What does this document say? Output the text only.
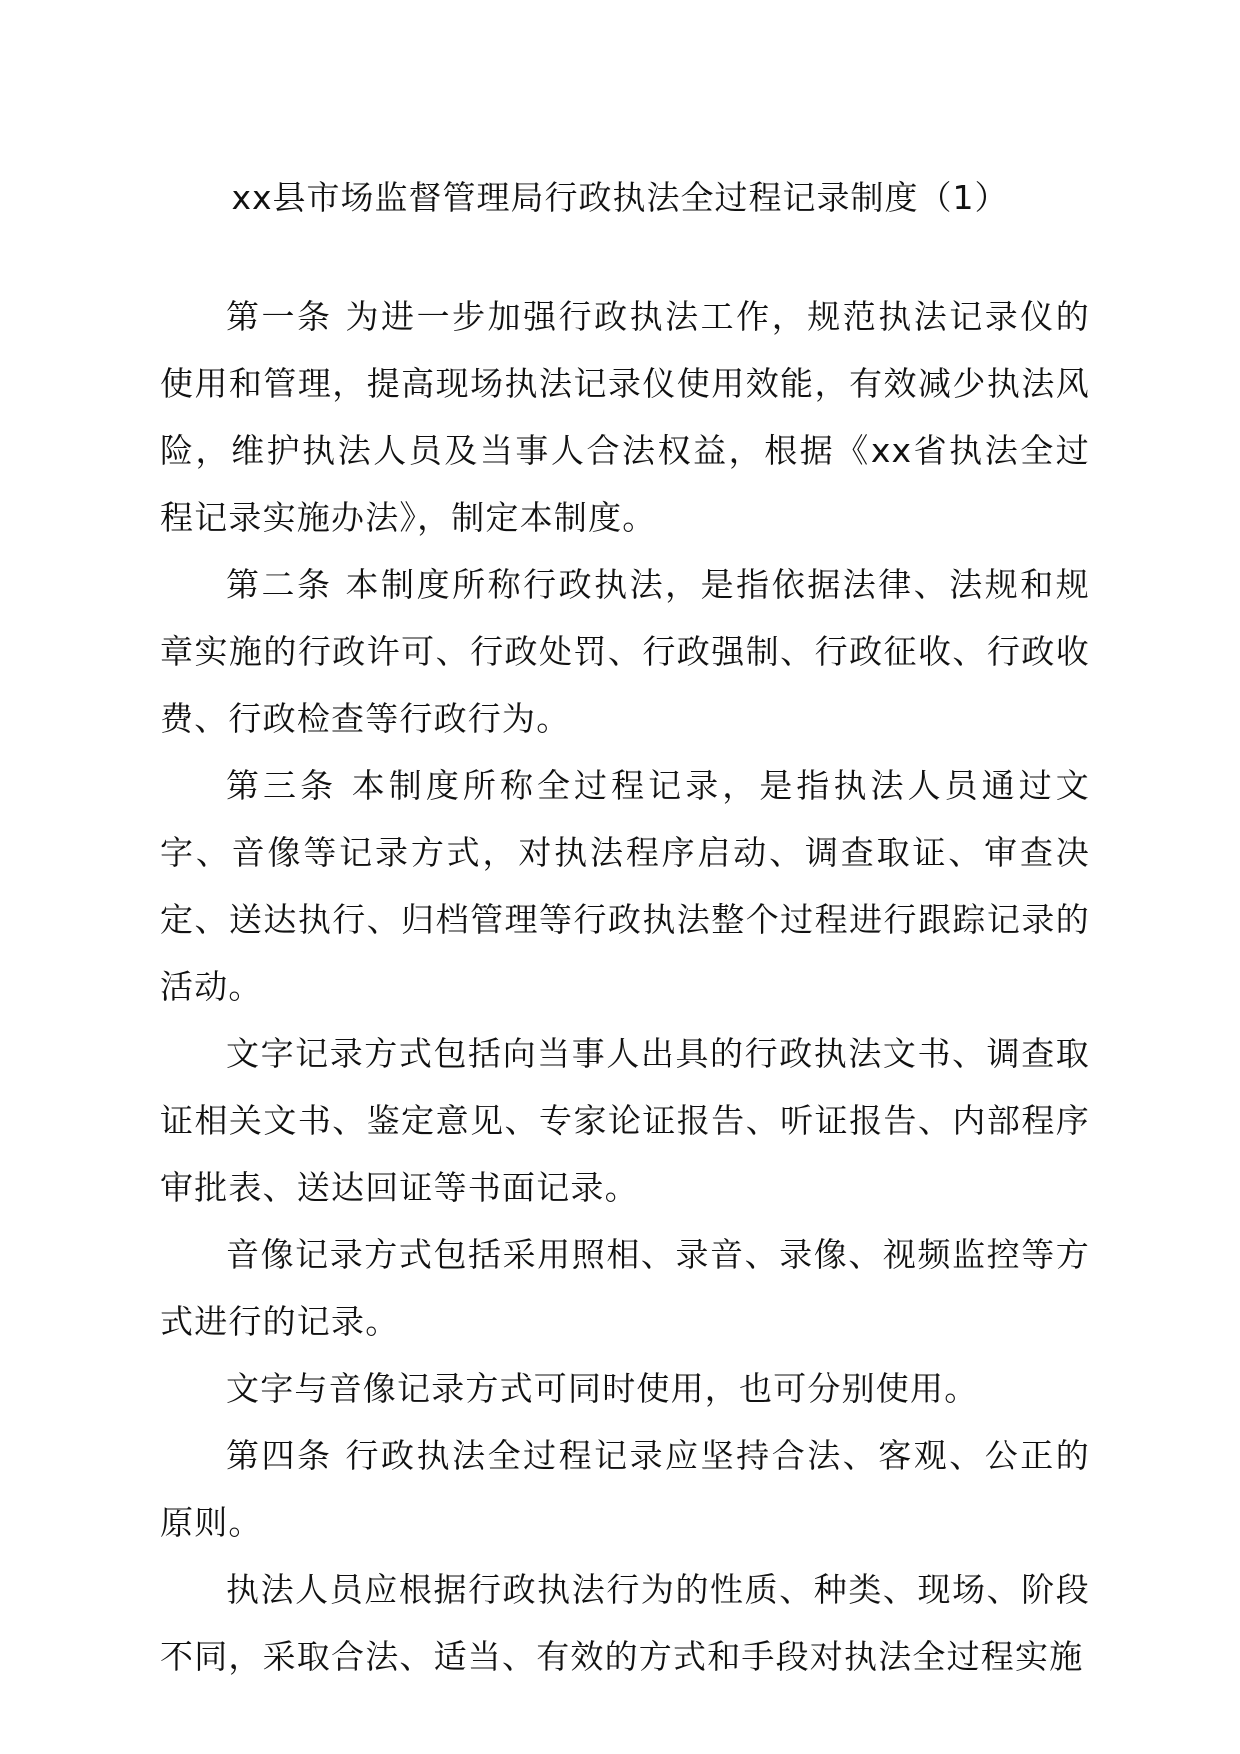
xx县市场监督管理局行政执法全过程记录制度（1）

第一条 为进一步加强行政执法工作，规范执法记录仪的使用和管理，提高现场执法记录仪使用效能，有效减少执法风险，维护执法人员及当事人合法权益，根据《xx省执法全过程记录实施办法》，制定本制度。

第二条 本制度所称行政执法，是指依据法律、法规和规章实施的行政许可、行政处罚、行政强制、行政征收、行政收费、行政检查等行政行为。

第三条 本制度所称全过程记录，是指执法人员通过文字、音像等记录方式，对执法程序启动、调查取证、审查决定、送达执行、归档管理等行政执法整个过程进行跟踪记录的活动。

文字记录方式包括向当事人出具的行政执法文书、调查取证相关文书、鉴定意见、专家论证报告、听证报告、内部程序审批表、送达回证等书面记录。

音像记录方式包括采用照相、录音、录像、视频监控等方式进行的记录。

文字与音像记录方式可同时使用，也可分别使用。

第四条 行政执法全过程记录应坚持合法、客观、公正的原则。

执法人员应根据行政执法行为的性质、种类、现场、阶段不同，采取合法、适当、有效的方式和手段对执法全过程实施
